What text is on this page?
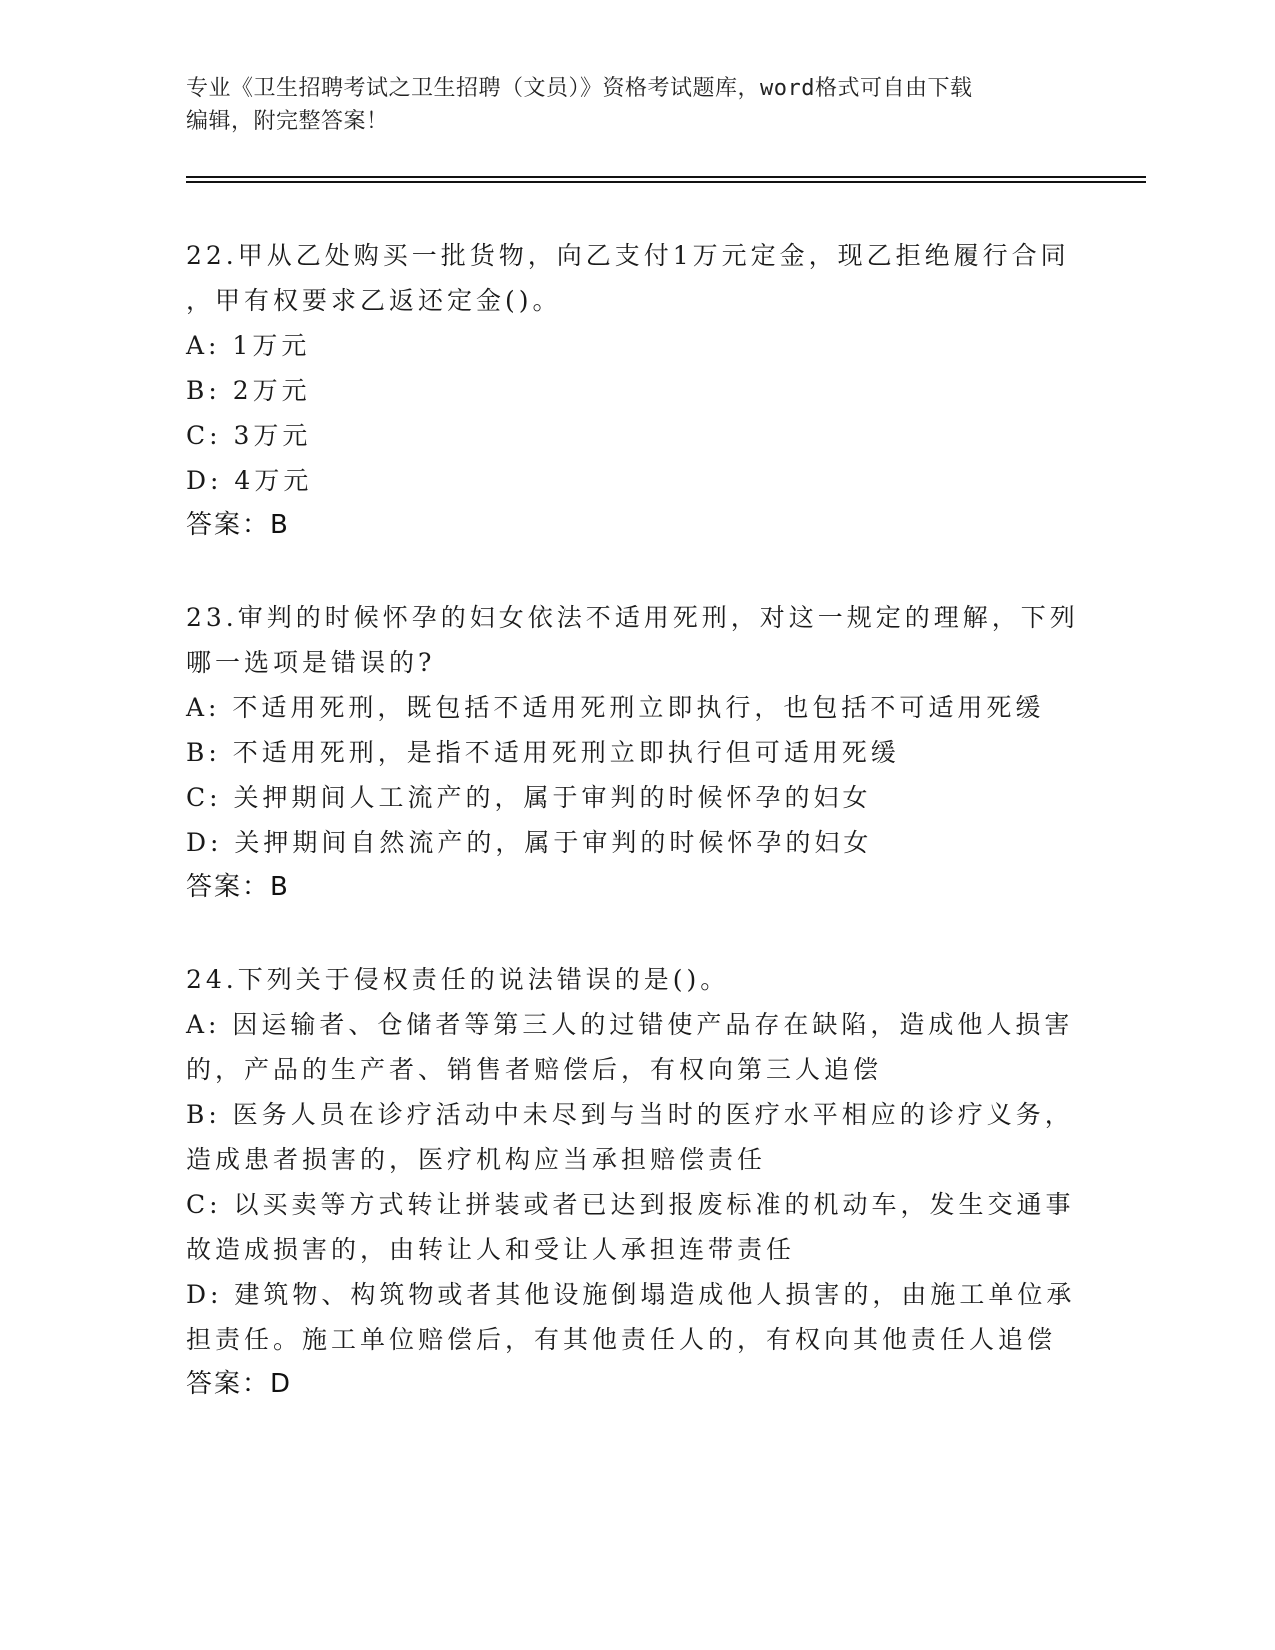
专业《卫生招聘考试之卫生招聘（文员）》资格考试题库，word格式可自由下载
编辑，附完整答案！
22.甲从乙处购买一批货物，向乙支付1万元定金，现乙拒绝履行合同
，甲有权要求乙返还定金()。
A: 1万元
B: 2万元
C: 3万元
D: 4万元
答案：B
23.审判的时候怀孕的妇女依法不适用死刑，对这一规定的理解，下列
哪一选项是错误的?
A: 不适用死刑，既包括不适用死刑立即执行，也包括不可适用死缓
B: 不适用死刑，是指不适用死刑立即执行但可适用死缓
C: 关押期间人工流产的，属于审判的时候怀孕的妇女
D: 关押期间自然流产的，属于审判的时候怀孕的妇女
答案：B
24.下列关于侵权责任的说法错误的是()。
A: 因运输者、仓储者等第三人的过错使产品存在缺陷，造成他人损害
的，产品的生产者、销售者赔偿后，有权向第三人追偿
B: 医务人员在诊疗活动中未尽到与当时的医疗水平相应的诊疗义务，
造成患者损害的，医疗机构应当承担赔偿责任
C: 以买卖等方式转让拼装或者已达到报废标准的机动车，发生交通事
故造成损害的，由转让人和受让人承担连带责任
D: 建筑物、构筑物或者其他设施倒塌造成他人损害的，由施工单位承
担责任。施工单位赔偿后，有其他责任人的，有权向其他责任人追偿
答案：D
